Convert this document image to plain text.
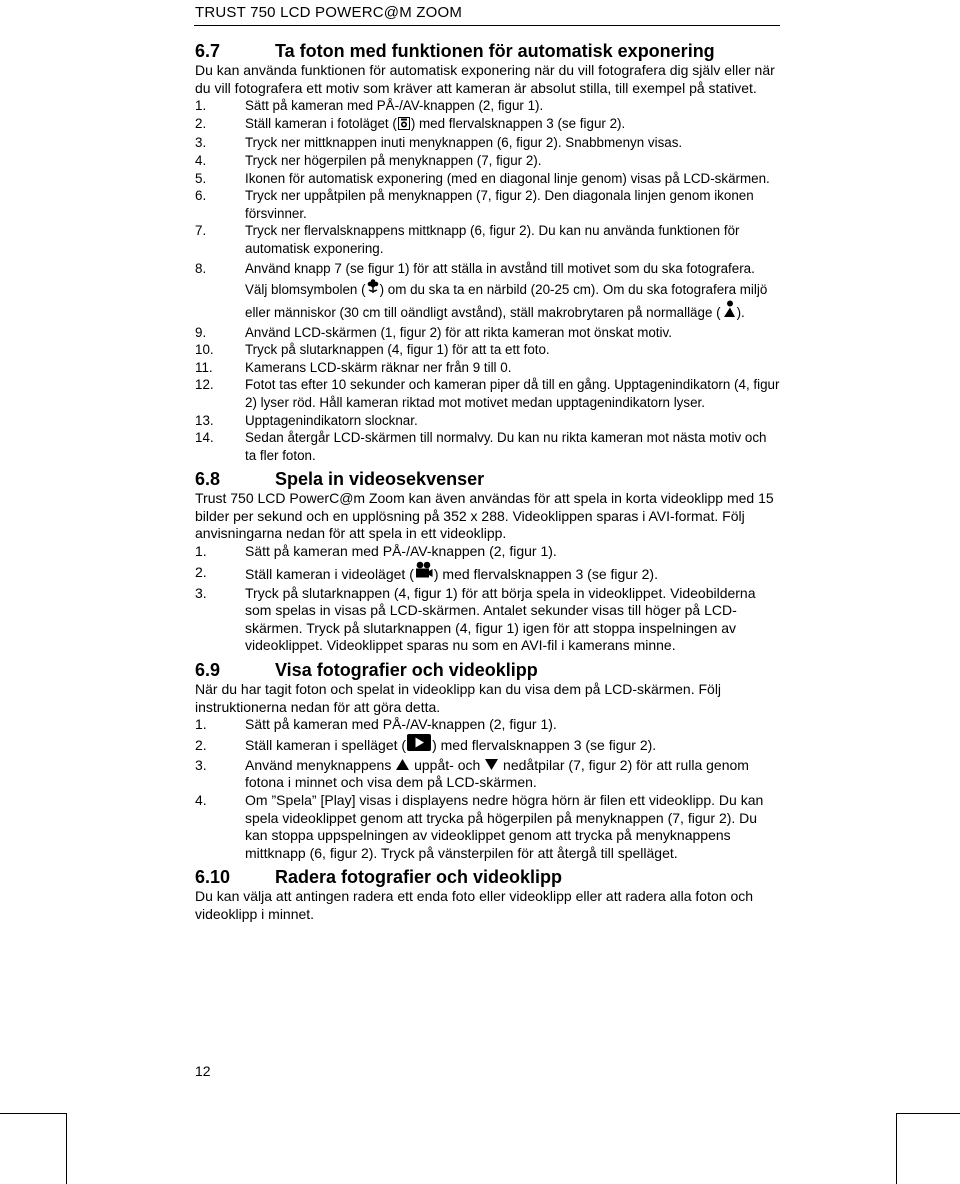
TRUST 750 LCD POWERC@M ZOOM
6.7	Ta foton med funktionen för automatisk exponering

Du kan använda funktionen för automatisk exponering när du vill fotografera dig själv eller när du vill fotografera ett motiv som kräver att kameran är absolut stilla, till exempel på stativet.

1.	Sätt på kameran med PÅ-/AV-knappen (2, figur 1).
2.	Ställ kameran i fotoläget ( ) med flervalsknappen 3 (se figur 2).
3.	Tryck ner mittknappen inuti menyknappen (6, figur 2). Snabbmenyn visas.
4.	Tryck ner högerpilen på menyknappen (7, figur 2).
5.	Ikonen för automatisk exponering (med en diagonal linje genom) visas på LCD-skärmen.
6.	Tryck ner uppåtpilen på menyknappen (7, figur 2). Den diagonala linjen genom ikonen försvinner.
7.	Tryck ner flervalsknappens mittknapp (6, figur 2). Du kan nu använda funktionen för automatisk exponering.
8.	Använd knapp 7 (se figur 1) för att ställa in avstånd till motivet som du ska fotografera. Välj blomsymbolen ( ) om du ska ta en närbild (20-25 cm). Om du ska fotografera miljö eller människor (30 cm till oändligt avstånd), ställ makrobrytaren på normalläge ( ).
9.	Använd LCD-skärmen (1, figur 2) för att rikta kameran mot önskat motiv.
10.	Tryck på slutarknappen (4, figur 1) för att ta ett foto.
11.	Kamerans LCD-skärm räknar ner från 9 till 0.
12.	Fotot tas efter 10 sekunder och kameran piper då till en gång. Upptagenindikatorn (4, figur 2) lyser röd. Håll kameran riktad mot motivet medan upptagenindikatorn lyser.
13.	Upptagenindikatorn slocknar.
14.	Sedan återgår LCD-skärmen till normalvy. Du kan nu rikta kameran mot nästa motiv och ta fler foton.
6.8	Spela in videosekvenser

Trust 750 LCD PowerC@m Zoom kan även användas för att spela in korta videoklipp med 15 bilder per sekund och en upplösning på 352 x 288. Videoklippen sparas i AVI-format. Följ anvisningarna nedan för att spela in ett videoklipp.

1.	Sätt på kameran med PÅ-/AV-knappen (2, figur 1).
2.	Ställ kameran i videoläget ( ) med flervalsknappen 3 (se figur 2).
3.	Tryck på slutarknappen (4, figur 1) för att börja spela in videoklippet. Videobilderna som spelas in visas på LCD-skärmen. Antalet sekunder visas till höger på LCD-skärmen. Tryck på slutarknappen (4, figur 1) igen för att stoppa inspelningen av videoklippet. Videoklippet sparas nu som en AVI-fil i kamerans minne.
6.9	Visa fotografier och videoklipp

När du har tagit foton och spelat in videoklipp kan du visa dem på LCD-skärmen. Följ instruktionerna nedan för att göra detta.

1.	Sätt på kameran med PÅ-/AV-knappen (2, figur 1).
2.	Ställ kameran i spelläget ( ) med flervalsknappen 3 (se figur 2).
3.	Använd menyknappens  uppåt- och  nedåtpilar (7, figur 2) för att rulla genom fotona i minnet och visa dem på LCD-skärmen.
4.	Om ”Spela” [Play] visas i displayens nedre högra hörn är filen ett videoklipp. Du kan spela videoklippet genom att trycka på högerpilen på menyknappen (7, figur 2). Du kan stoppa uppspelningen av videoklippet genom att trycka på menyknappens mittknapp (6, figur 2). Tryck på vänsterpilen för att återgå till spelläget.
6.10	Radera fotografier och videoklipp

Du kan välja att antingen radera ett enda foto eller videoklipp eller att radera alla foton och videoklipp i minnet.

12
